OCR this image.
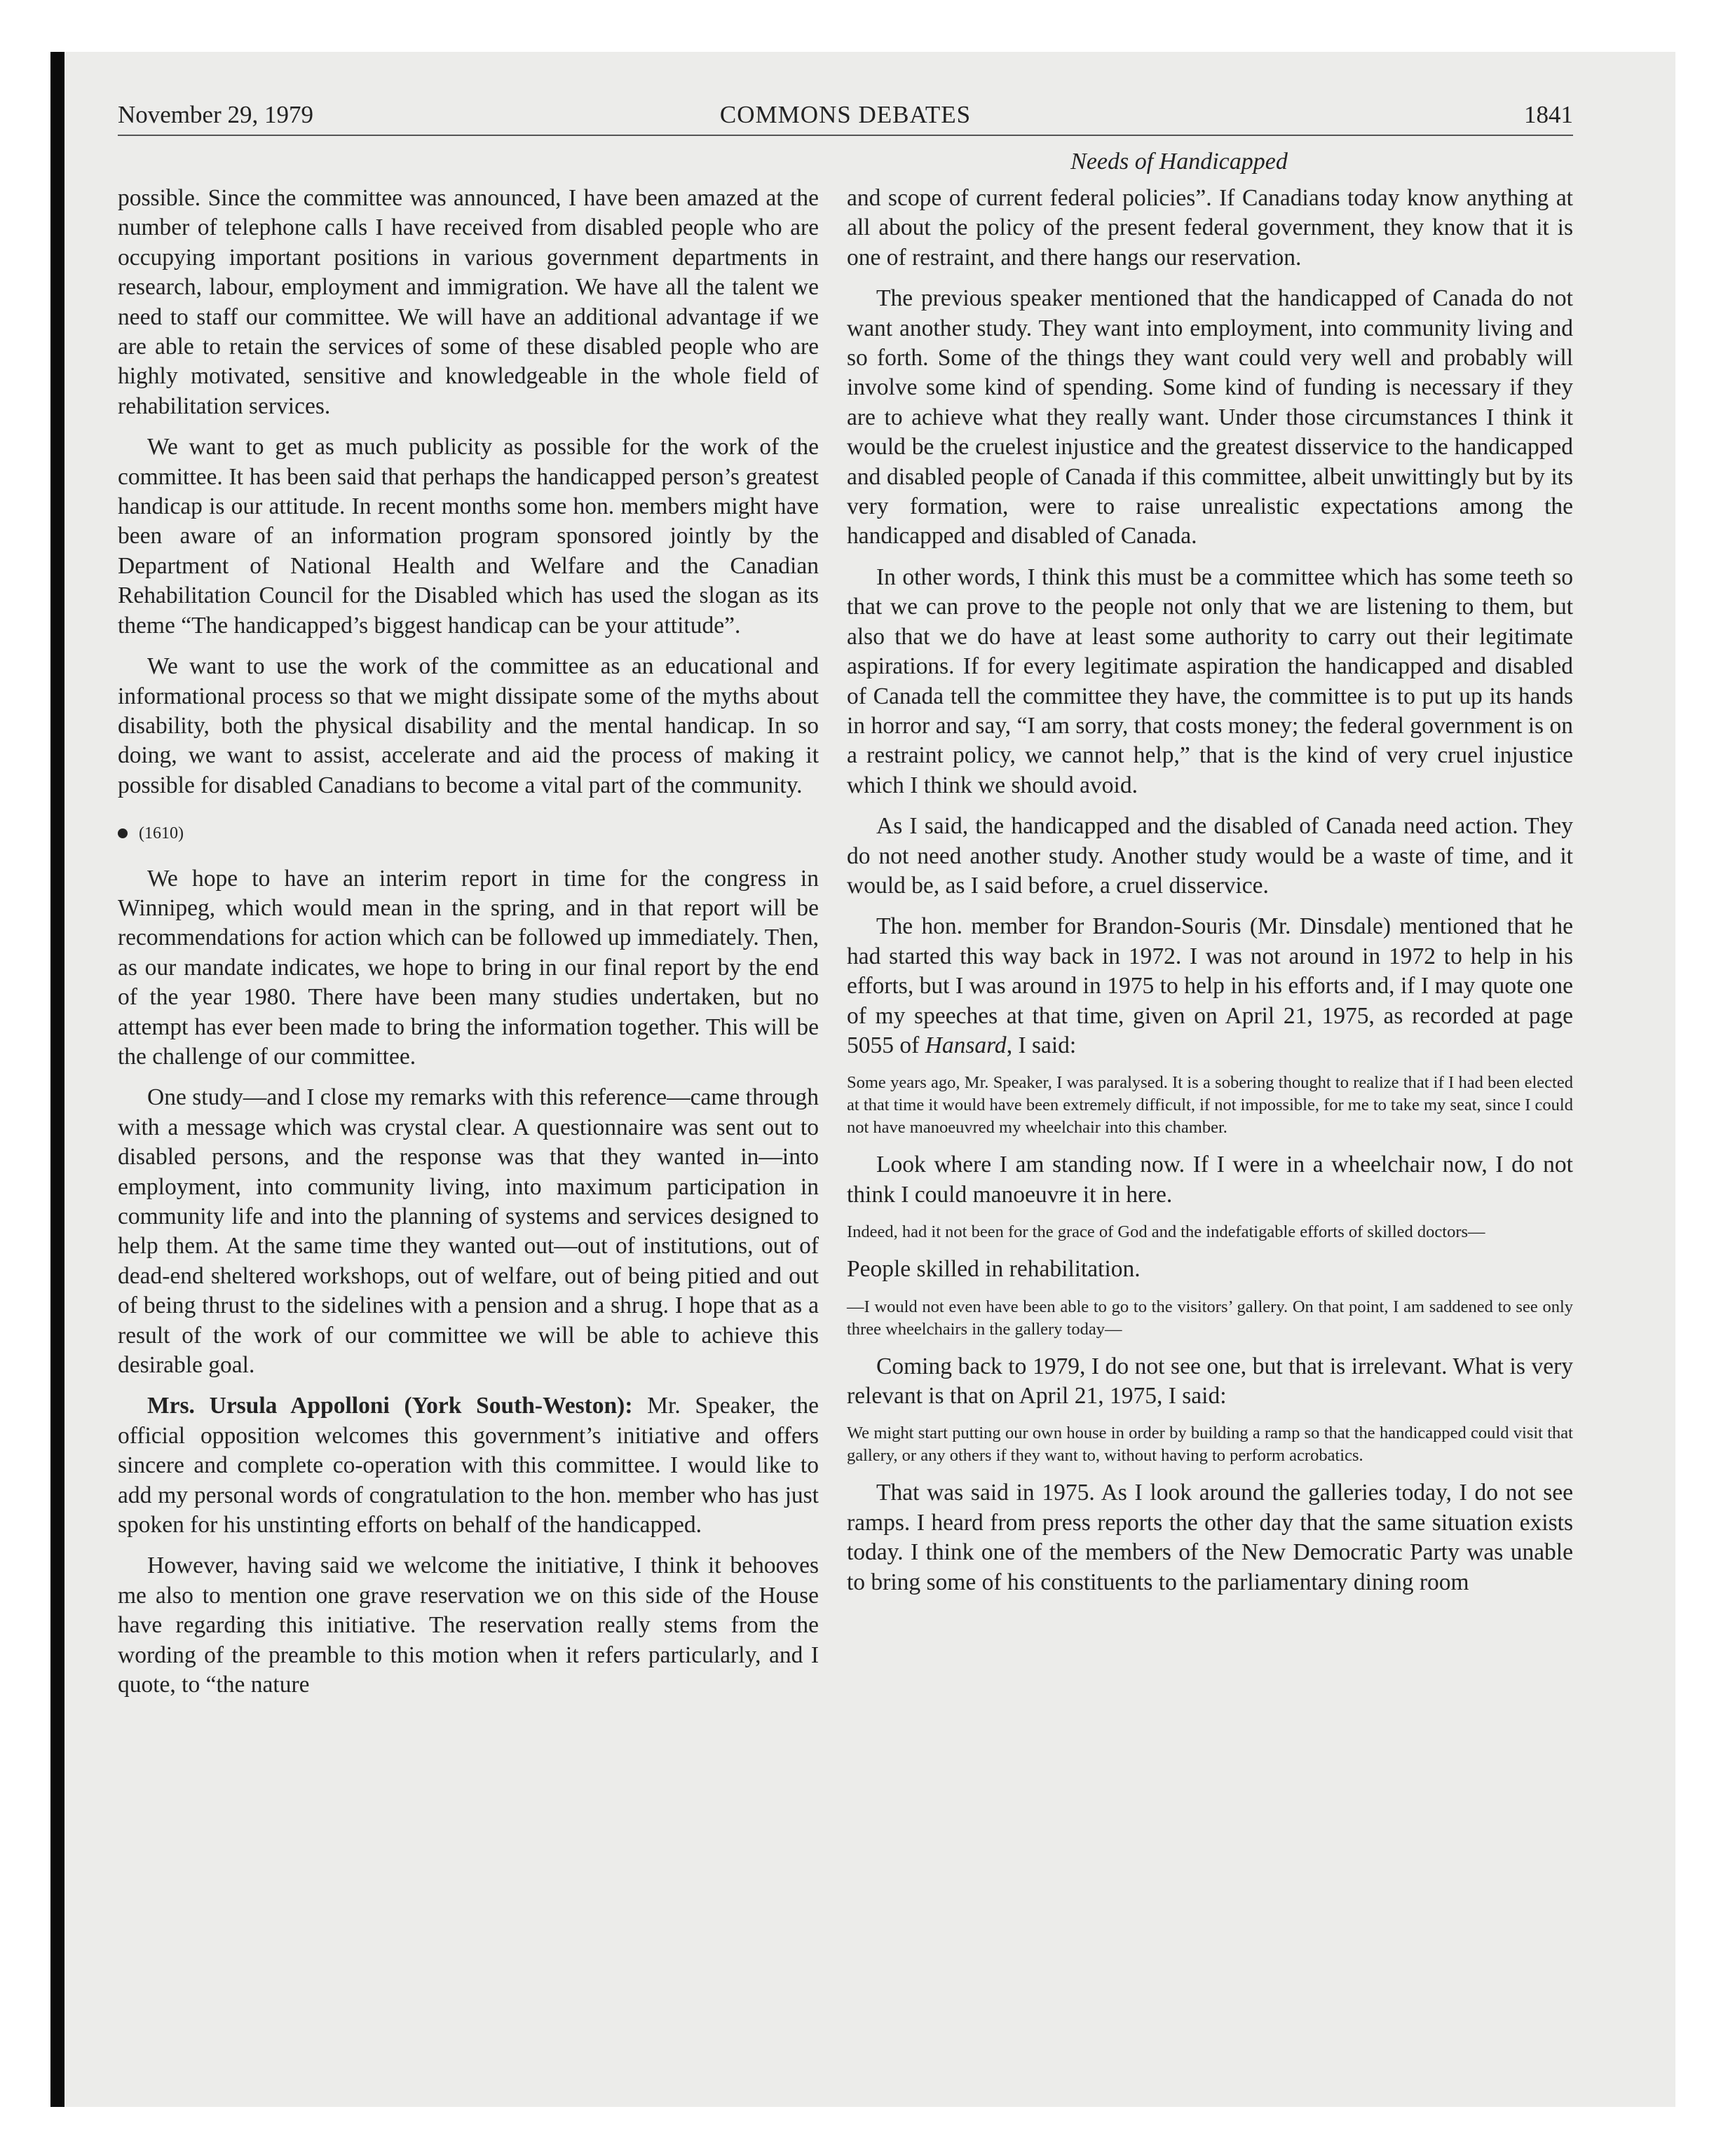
November 29, 1979	COMMONS DEBATES	1841
Needs of Handicapped

possible. Since the committee was announced, I have been amazed at the number of telephone calls I have received from disabled people who are occupying important positions in various government departments in research, labour, employment and immigration. We have all the talent we need to staff our committee. We will have an additional advantage if we are able to retain the services of some of these disabled people who are highly motivated, sensitive and knowledgeable in the whole field of rehabilitation services.

We want to get as much publicity as possible for the work of the committee. It has been said that perhaps the handicapped person’s greatest handicap is our attitude. In recent months some hon. members might have been aware of an information program sponsored jointly by the Department of National Health and Welfare and the Canadian Rehabilitation Council for the Disabled which has used the slogan as its theme “The handicapped’s biggest handicap can be your attitude”.

We want to use the work of the committee as an educational and informational process so that we might dissipate some of the myths about disability, both the physical disability and the mental handicap. In so doing, we want to assist, accelerate and aid the process of making it possible for disabled Canadians to become a vital part of the community.

(1610)

We hope to have an interim report in time for the congress in Winnipeg, which would mean in the spring, and in that report will be recommendations for action which can be followed up immediately. Then, as our mandate indicates, we hope to bring in our final report by the end of the year 1980. There have been many studies undertaken, but no attempt has ever been made to bring the information together. This will be the challenge of our committee.

One study—and I close my remarks with this reference—came through with a message which was crystal clear. A questionnaire was sent out to disabled persons, and the response was that they wanted in—into employment, into community living, into maximum participation in community life and into the planning of systems and services designed to help them. At the same time they wanted out—out of institutions, out of dead-end sheltered workshops, out of welfare, out of being pitied and out of being thrust to the sidelines with a pension and a shrug. I hope that as a result of the work of our committee we will be able to achieve this desirable goal.

Mrs. Ursula Appolloni (York South-Weston): Mr. Speaker, the official opposition welcomes this government’s initiative and offers sincere and complete co-operation with this committee. I would like to add my personal words of congratulation to the hon. member who has just spoken for his unstinting efforts on behalf of the handicapped.

However, having said we welcome the initiative, I think it behooves me also to mention one grave reservation we on this side of the House have regarding this initiative. The reservation really stems from the wording of the preamble to this motion when it refers particularly, and I quote, to “the nature

and scope of current federal policies”. If Canadians today know anything at all about the policy of the present federal government, they know that it is one of restraint, and there hangs our reservation.

The previous speaker mentioned that the handicapped of Canada do not want another study. They want into employment, into community living and so forth. Some of the things they want could very well and probably will involve some kind of spending. Some kind of funding is necessary if they are to achieve what they really want. Under those circumstances I think it would be the cruelest injustice and the greatest disservice to the handicapped and disabled people of Canada if this committee, albeit unwittingly but by its very formation, were to raise unrealistic expectations among the handicapped and disabled of Canada.

In other words, I think this must be a committee which has some teeth so that we can prove to the people not only that we are listening to them, but also that we do have at least some authority to carry out their legitimate aspirations. If for every legitimate aspiration the handicapped and disabled of Canada tell the committee they have, the committee is to put up its hands in horror and say, “I am sorry, that costs money; the federal government is on a restraint policy, we cannot help,” that is the kind of very cruel injustice which I think we should avoid.

As I said, the handicapped and the disabled of Canada need action. They do not need another study. Another study would be a waste of time, and it would be, as I said before, a cruel disservice.

The hon. member for Brandon-Souris (Mr. Dinsdale) mentioned that he had started this way back in 1972. I was not around in 1972 to help in his efforts, but I was around in 1975 to help in his efforts and, if I may quote one of my speeches at that time, given on April 21, 1975, as recorded at page 5055 of Hansard, I said:

Some years ago, Mr. Speaker, I was paralysed. It is a sobering thought to realize that if I had been elected at that time it would have been extremely difficult, if not impossible, for me to take my seat, since I could not have manoeuvred my wheelchair into this chamber.

Look where I am standing now. If I were in a wheelchair now, I do not think I could manoeuvre it in here.

Indeed, had it not been for the grace of God and the indefatigable efforts of skilled doctors—

People skilled in rehabilitation.

—I would not even have been able to go to the visitors’ gallery. On that point, I am saddened to see only three wheelchairs in the gallery today—

Coming back to 1979, I do not see one, but that is irrelevant. What is very relevant is that on April 21, 1975, I said:

We might start putting our own house in order by building a ramp so that the handicapped could visit that gallery, or any others if they want to, without having to perform acrobatics.

That was said in 1975. As I look around the galleries today, I do not see ramps. I heard from press reports the other day that the same situation exists today. I think one of the members of the New Democratic Party was unable to bring some of his constituents to the parliamentary dining room
